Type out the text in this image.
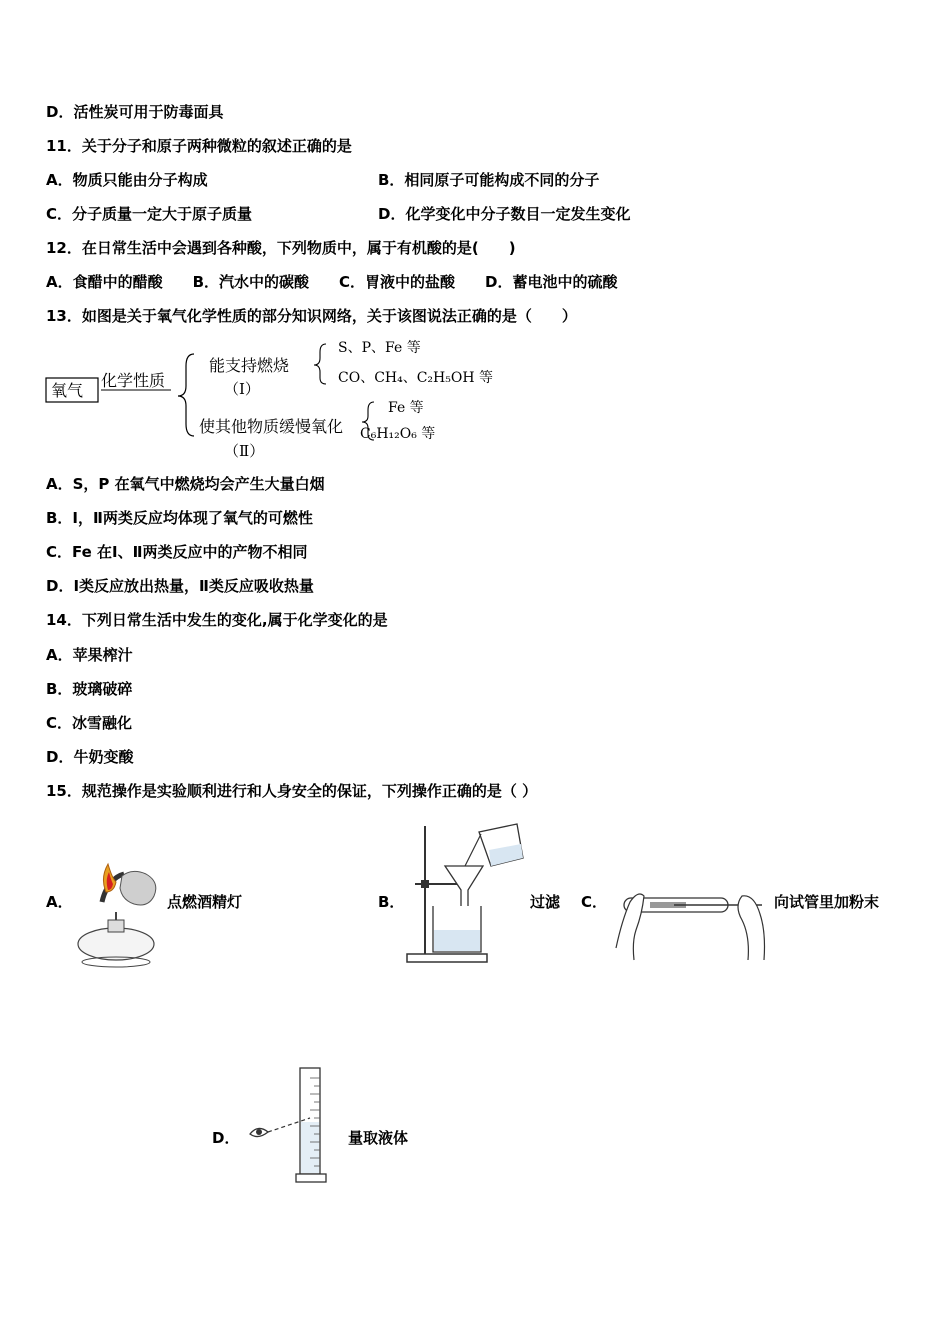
D．活性炭可用于防毒面具
11．关于分子和原子两种微粒的叙述正确的是
A．物质只能由分子构成	B．相同原子可能构成不同的分子
C．分子质量一定大于原子质量	D．化学变化中分子数目一定发生变化
12．在日常生活中会遇到各种酸，下列物质中，属于有机酸的是(　　)
A．食醋中的醋酸　　B．汽水中的碳酸　　C．胃液中的盐酸　　D．蓄电池中的硫酸
13．如图是关于氧气化学性质的部分知识网络，关于该图说法正确的是（　　）
氧气
化学性质
能支持燃烧
（Ⅰ）
S、P、Fe 等
CO、CH₄、C₂H₅OH 等
使其他物质缓慢氧化
（Ⅱ）
Fe 等
C₆H₁₂O₆ 等
A．S，P 在氧气中燃烧均会产生大量白烟
B．Ⅰ，Ⅱ两类反应均体现了氧气的可燃性
C．Fe 在Ⅰ、Ⅱ两类反应中的产物不相同
D．Ⅰ类反应放出热量，Ⅱ类反应吸收热量
14．下列日常生活中发生的变化,属于化学变化的是
A．苹果榨汁
B．玻璃破碎
C．冰雪融化
D．牛奶变酸
15．规范操作是实验顺利进行和人身安全的保证，下列操作正确的是（ ）
A．	点燃酒精灯	B．	过滤 C．	向试管里加粉末
D．	量取液体
